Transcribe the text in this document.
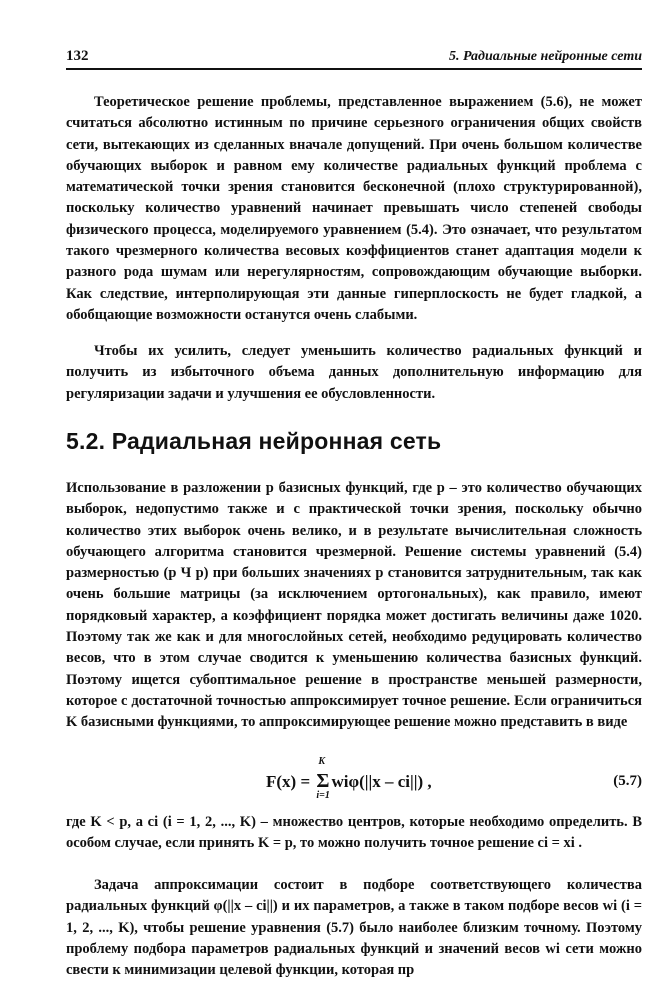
132	5. Радиальные нейронные сети

Теоретическое решение проблемы, представленное выражением (5.6), не может считаться абсолютно истинным по причине серьезного ограничения общих свойств сети, вытекающих из сделанных вначале допущений. При очень большом количестве обучающих выборок и равном ему количестве радиальных функций проблема с математической точки зрения становится бесконечной (плохо структурированной), поскольку количество уравнений начинает превышать число степеней свободы физического процесса, моделируемого уравнением (5.4). Это означает, что результатом такого чрезмерного количества весовых коэффициентов станет адаптация модели к разного рода шумам или нерегулярностям, сопровождающим обучающие выборки. Как следствие, интерполирующая эти данные гиперплоскость не будет гладкой, а обобщающие возможности останутся очень слабыми.

Чтобы их усилить, следует уменьшить количество радиальных функций и получить из избыточного объема данных дополнительную информацию для регуляризации задачи и улучшения ее обусловленности.

5.2. Радиальная нейронная сеть

Использование в разложении p базисных функций, где p – это количество обучающих выборок, недопустимо также и с практической точки зрения, поскольку обычно количество этих выборок очень велико, и в результате вычислительная сложность обучающего алгоритма становится чрезмерной. Решение системы уравнений (5.4) размерностью (p Ч p) при больших значениях p становится затруднительным, так как очень большие матрицы (за исключением ортогональных), как правило, имеют порядковый характер, а коэффициент порядка может достигать величины даже 1020. Поэтому так же как и для многослойных сетей, необходимо редуцировать количество весов, что в этом случае сводится к уменьшению количества базисных функций. Поэтому ищется субоптимальное решение в пространстве меньшей размерности, которое с достаточной точностью аппроксимирует точное решение. Если ограничиться K базисными функциями, то аппроксимирующее решение можно представить в виде

F(x) =
K
Σ
i=1
wiφ(||x – ci||) ,	(5.7)

где K < p, а ci (i = 1, 2, ..., K) – множество центров, которые необходимо определить. В особом случае, если принять K = p, то можно получить точное решение ci = xi .

Задача аппроксимации состоит в подборе соответствующего количества радиальных функций φ(||x – ci||) и их параметров, а также в таком подборе весов wi (i = 1, 2, ..., K), чтобы решение уравнения (5.7) было наиболее близким точному. Поэтому проблему подбора параметров радиальных функций и значений весов wi сети можно свести к минимизации целевой функции, которая пр
